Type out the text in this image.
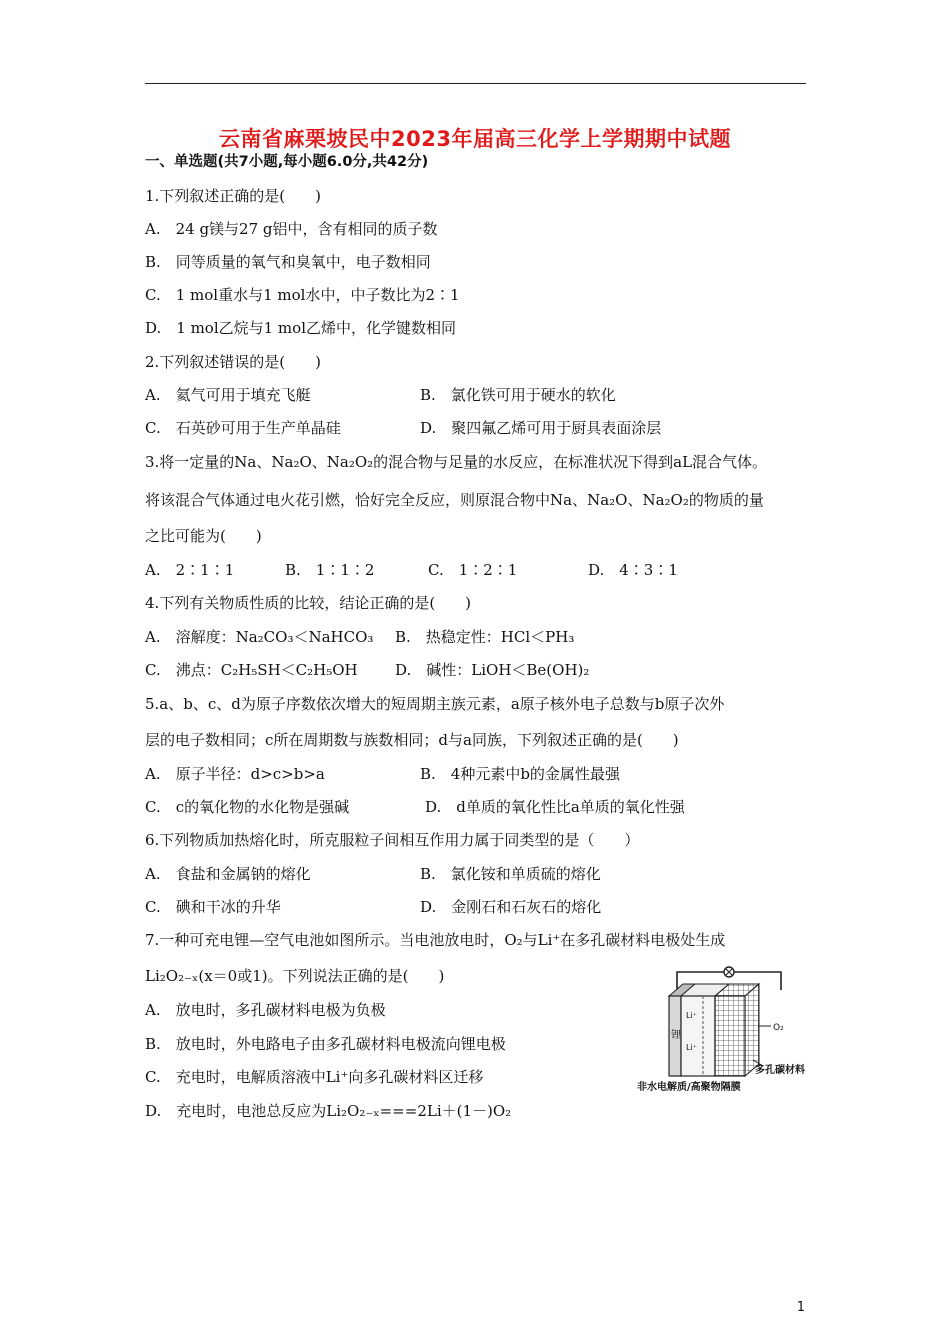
云南省麻栗坡民中2023年届高三化学上学期期中试题
一、单选题(共7小题,每小题6.0分,共42分)
1.下列叙述正确的是(　　)
A.　24 g镁与27 g铝中，含有相同的质子数
B.　同等质量的氧气和臭氧中，电子数相同
C.　1 mol重水与1 mol水中，中子数比为2∶1
D.　1 mol乙烷与1 mol乙烯中，化学键数相同
2.下列叙述错误的是(　　)
A.　氦气可用于填充飞艇	B.　氯化铁可用于硬水的软化
C.　石英砂可用于生产单晶硅	D.　聚四氟乙烯可用于厨具表面涂层
3.将一定量的Na、Na₂O、Na₂O₂的混合物与足量的水反应，在标准状况下得到aL混合气体。
将该混合气体通过电火花引燃，恰好完全反应，则原混合物中Na、Na₂O、Na₂O₂的物质的量
之比可能为(　　)
A.　2∶1∶1	B.　1∶1∶2	C.　1∶2∶1	D.　4∶3∶1
4.下列有关物质性质的比较，结论正确的是(　　)
A.　溶解度：Na₂CO₃＜NaHCO₃ B.　热稳定性：HCl＜PH₃
C.　沸点：C₂H₅SH＜C₂H₅OH D.　碱性：LiOH＜Be(OH)₂
5.a、b、c、d为原子序数依次增大的短周期主族元素，a原子核外电子总数与b原子次外
层的电子数相同；c所在周期数与族数相同；d与a同族，下列叙述正确的是(　　)
A.　原子半径：d>c>b>a	B.　4种元素中b的金属性最强
C.　c的氧化物的水化物是强碱	D.　d单质的氧化性比a单质的氧化性强
6.下列物质加热熔化时，所克服粒子间相互作用力属于同类型的是（　　）
A.　食盐和金属钠的熔化	B.　氯化铵和单质硫的熔化
C.　碘和干冰的升华	D.　金刚石和石灰石的熔化
7.一种可充电锂—空气电池如图所示。当电池放电时，O₂与Li⁺在多孔碳材料电极处生成
Li₂O₂₋ₓ(x＝0或1)。下列说法正确的是(　　)
A.　放电时，多孔碳材料电极为负极
B.　放电时，外电路电子由多孔碳材料电极流向锂电极
C.　充电时，电解质溶液中Li⁺向多孔碳材料区迁移
D.　充电时，电池总反应为Li₂O₂₋ₓ===2Li＋(1－)O₂
锂
Li⁺
Li⁺
O₂
多孔碳材料
非水电解质/高聚物隔膜
1
